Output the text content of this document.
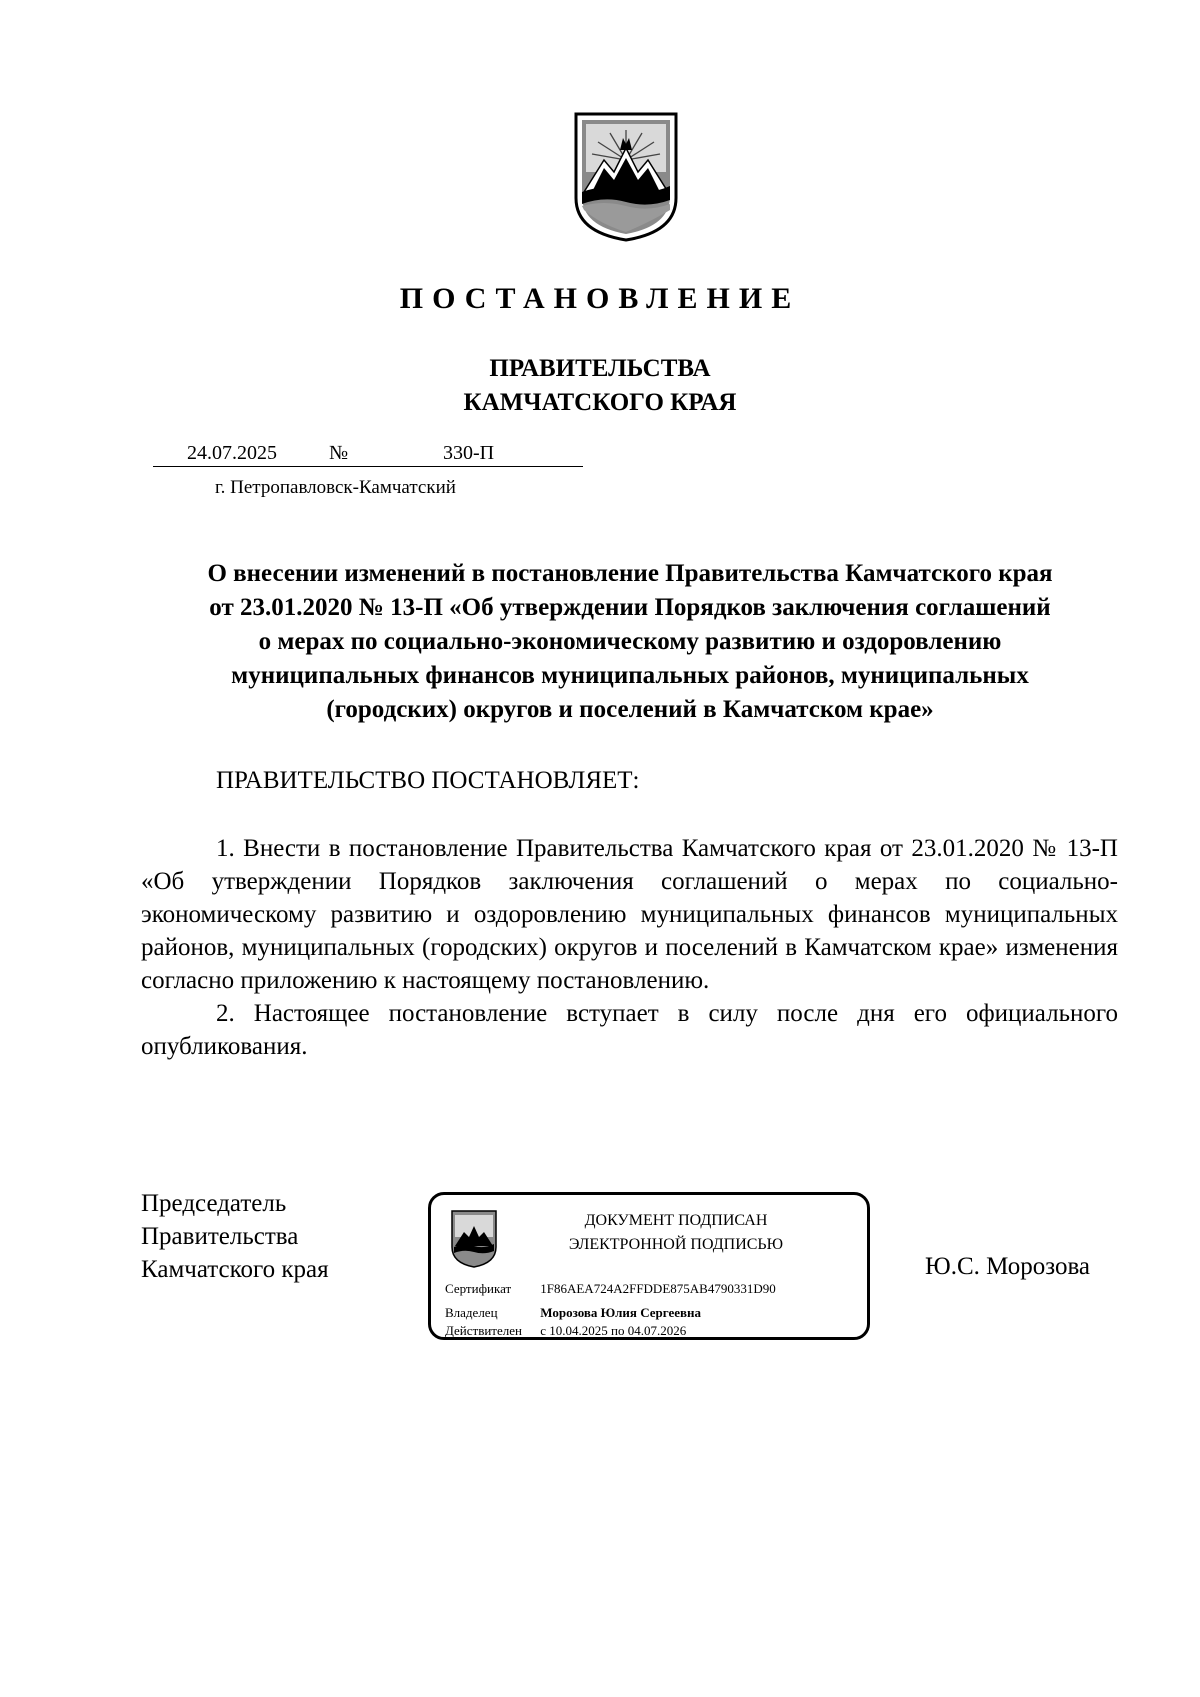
ПОСТАНОВЛЕНИЕ
ПРАВИТЕЛЬСТВА
КАМЧАТСКОГО КРАЯ
24.07.2025	№	330-П
г. Петропавловск-Камчатский
О внесении изменений в постановление Правительства Камчатского края
от 23.01.2020 № 13-П «Об утверждении Порядков заключения соглашений
о мерах по социально-экономическому развитию и оздоровлению
муниципальных финансов муниципальных районов, муниципальных
(городских) округов и поселений в Камчатском крае»
ПРАВИТЕЛЬСТВО ПОСТАНОВЛЯЕТ:

1. Внести в постановление Правительства Камчатского края от 23.01.2020 № 13-П «Об утверждении Порядков заключения соглашений о мерах по социально-экономическому развитию и оздоровлению муниципальных финансов муниципальных районов, муниципальных (городских) округов и поселений в Камчатском крае» изменения согласно приложению к настоящему постановлению.

2. Настоящее постановление вступает в силу после дня его официального опубликования.

Председатель
Правительства
Камчатского края
ДОКУМЕНТ ПОДПИСАН
ЭЛЕКТРОННОЙ ПОДПИСЬЮ
Сертификат 1F86AEA724A2FFDDE875AB4790331D90
Владелец	Морозова Юлия Сергеевна
Действителен с 10.04.2025 по 04.07.2026
Ю.С. Морозова
